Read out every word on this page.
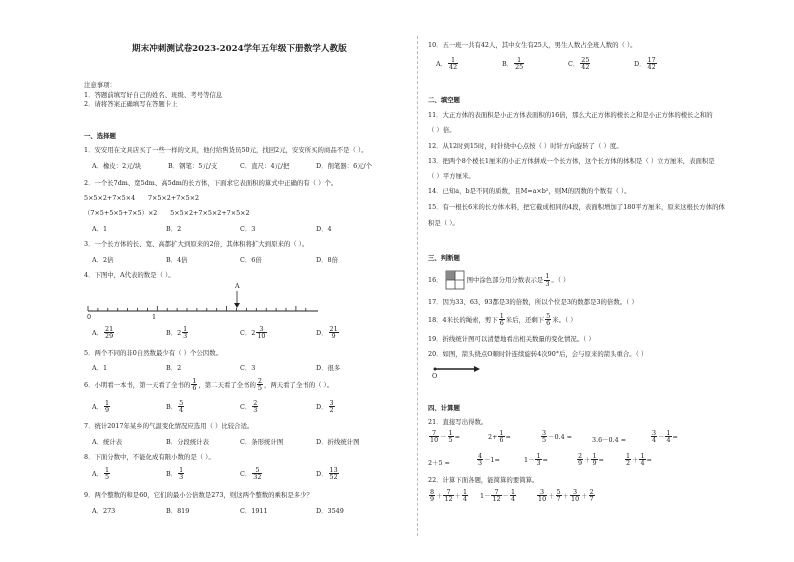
期末冲刺测试卷2023-2024学年五年级下册数学人教版
注意事项：
1．答题前填写好自己的姓名、班级、考号等信息
2．请将答案正确填写在答题卡上
一、选择题
1．安安用在文具店买了一些一样的文具，他付给售货员50元，找回2元，安安所买的商品不是（ ）。
A．橡皮：2元/块	B．钢笔：5元/支	C．直尺：4元/把	D．削笔器：6元/个
2．一个长7dm、宽5dm、高5dm的长方体，下面求它表面积的算式中正确的有（ ）个。
5×5×2+7×5×4　　7×5×2+7×5×2
（7×5+5×5+7×5）×2　　5×5×2+7×5×2+7×5×2
A．1	B．2	C．3	D．4
3．一个长方体的长、宽、高都扩大到原来的2倍，其体积将扩大到原来的（ ）。
A．2倍	B．4倍	C．6倍	D．8倍
4．下图中，A代表的数是（ ）。
A
0	1
A． $\frac{21}{29}$	B．$2 \frac{1}{3}$	C．$2 \frac{3}{10}$	D． $\frac{21}{9}$
5．两个不同的非0自然数最少有（ ）个公因数。
A．1	B．2	C．3	D．很多
6．小明看一本书，第一天看了全书的 $\frac{1}{6}$ ，第二天看了全书的 $\frac{2}{5}$ ，两天看了全书的（ ）。
A． $\frac{1}{9}$	B． $\frac{5}{4}$	C． $\frac{2}{3}$	D． $\frac{3}{2}$
7．统计2017年某乡的气温变化情况应选用（ ）比较合适。
A．统计表	B．分段统计表	C．条形统计图	D．折线统计图
8．下面分数中，不能化成有限小数的是（ ）。
A． $\frac{1}{5}$	B． $\frac{1}{3}$	C． $\frac{5}{32}$	D． $\frac{13}{52}$
9．两个整数的和是60，它们的最小公倍数是273，则这两个整数的乘积是多少？
A．273	B．819	C．1911	D．3549
10．五一班一共有42人，其中女生有25人，男生人数占全班人数的（ ）。
A． $\frac{1}{42}$	B． $\frac{1}{25}$	C． $\frac{25}{42}$	D． $\frac{17}{42}$
二、填空题
11．大正方体的表面积是小正方体表面积的16倍，那么大正方体的棱长之和是小正方体的棱长之和的
（ ）倍。
12．从12时到15时，时针绕中心点按（ ）时针方向旋转了（ ）度。
13．把两个8个棱长1厘米的小正方体拼成一个长方体，这个长方体的体积是（ ）立方厘米，表面积是
（ ）平方厘米。
14．已知a，b是不同的质数，且M=a×b²，则M的因数的个数有（ ）。
15．有一根长6米的长方体木料，把它截成相同的4段，表面积增加了180平方厘米，原来这根长方体的体
积是（ ）。
三、判断题
16．	图中涂色部分用分数表示是 $\frac{1}{3}$ 。（ ）
17．因为33、63、93都是3的倍数，所以个位是3的数都是3的倍数。（ ）
18．4米长的绳索，剪下 $\frac{1}{6}$ 米后，还剩下 $\frac{5}{6}$ 米。（ ）
19．折线统计图可以清楚地看出相关数量的变化情况。（ ）
20．如图，箭头绕点O顺时针连续旋转4次90°后，会与原来的箭头重合。（ ）
O
四、计算题
21．直接写出得数。
$\frac{7}{10} - \frac{1}{5}$ =	$2+ \frac{1}{6}$ =	$\frac{3}{5} -0.4$ =	3.6－0.4 =	$\frac{3}{4} - \frac{1}{4}$ =
2＋5 =	$\frac{4}{3} -1=$	$1- \frac{1}{3}$ =	$\frac{2}{9} + \frac{1}{9}$ =	$\frac{1}{2} + \frac{1}{4}$ =
22．计算下面各题，能简算的要简算。
$\frac{8}{9} + \frac{7}{12} + \frac{1}{4} 1- \frac{7}{12} - \frac{1}{4}$	$\frac{3}{10} + \frac{5}{7} + \frac{3}{10} + \frac{2}{7}$
